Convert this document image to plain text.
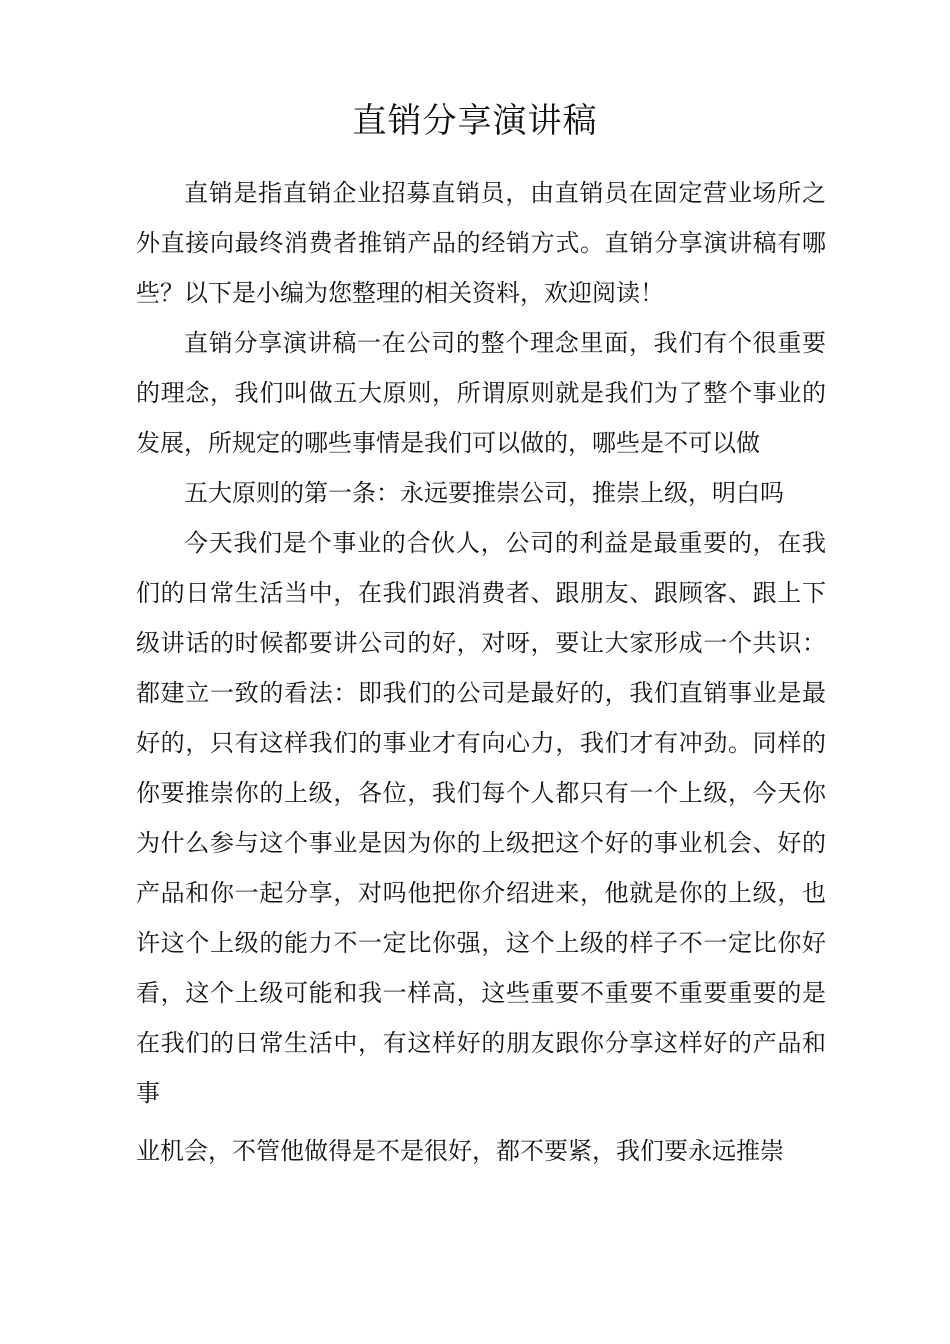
直销分享演讲稿

直销是指直销企业招募直销员，由直销员在固定营业场所之外直接向最终消费者推销产品的经销方式。直销分享演讲稿有哪些？以下是小编为您整理的相关资料，欢迎阅读！

直销分享演讲稿一在公司的整个理念里面，我们有个很重要的理念，我们叫做五大原则，所谓原则就是我们为了整个事业的发展，所规定的哪些事情是我们可以做的，哪些是不可以做

五大原则的第一条：永远要推崇公司，推崇上级，明白吗

今天我们是个事业的合伙人，公司的利益是最重要的，在我们的日常生活当中，在我们跟消费者、跟朋友、跟顾客、跟上下级讲话的时候都要讲公司的好，对呀，要让大家形成一个共识：都建立一致的看法：即我们的公司是最好的，我们直销事业是最好的，只有这样我们的事业才有向心力，我们才有冲劲。同样的你要推崇你的上级，各位，我们每个人都只有一个上级，今天你为什么参与这个事业是因为你的上级把这个好的事业机会、好的产品和你一起分享，对吗他把你介绍进来，他就是你的上级，也许这个上级的能力不一定比你强，这个上级的样子不一定比你好看，这个上级可能和我一样高，这些重要不重要不重要重要的是在我们的日常生活中，有这样好的朋友跟你分享这样好的产品和事

业机会，不管他做得是不是很好，都不要紧，我们要永远推崇
